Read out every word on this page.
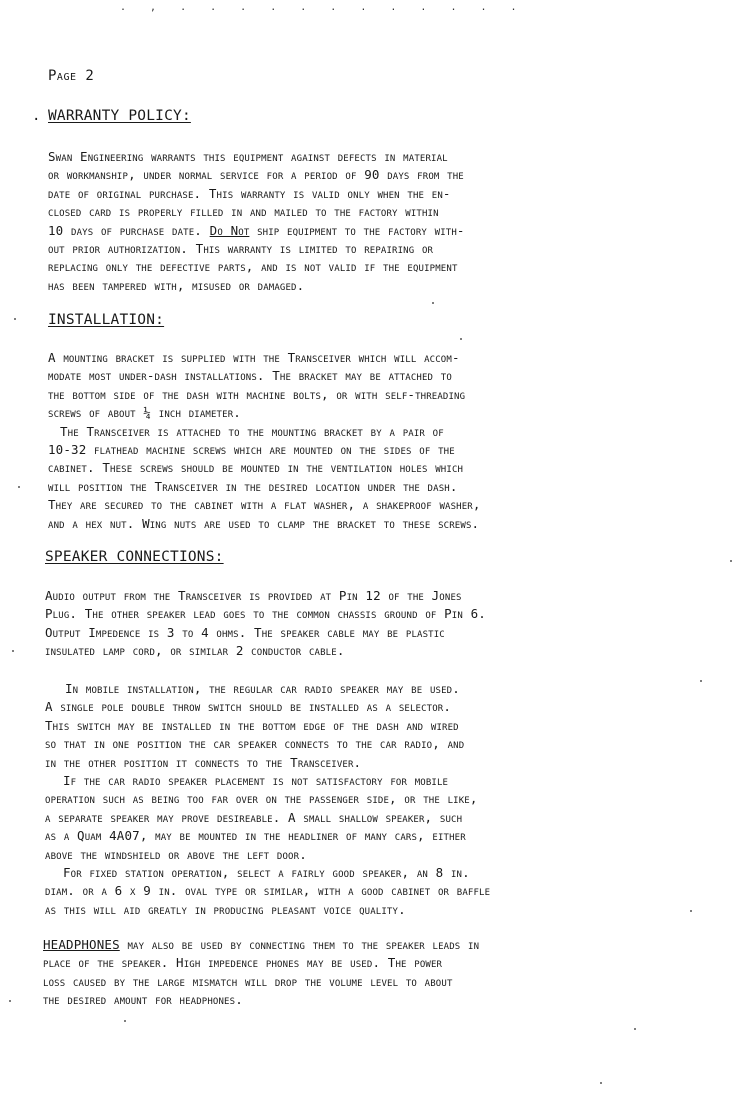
. , . . . . . . . . . . . .
Page 2
. WARRANTY POLICY:
Swan Engineering warrants this equipment against defects in material
or workmanship, under normal service for a period of 90 days from the
date of original purchase. This warranty is valid only when the en-
closed card is properly filled in and mailed to the factory within
10 days of purchase date. Do Not ship equipment to the factory with-
out prior authorization. This warranty is limited to repairing or
replacing only the defective parts, and is not valid if the equipment
has been tampered with, misused or damaged.
INSTALLATION:
A mounting bracket is supplied with the Transceiver which will accom-
modate most under-dash installations. The bracket may be attached to
the bottom side of the dash with machine bolts, or with self-threading
screws of about ¼ inch diameter.
The Transceiver is attached to the mounting bracket by a pair of
10-32 flathead machine screws which are mounted on the sides of the
cabinet. These screws should be mounted in the ventilation holes which
will position the Transceiver in the desired location under the dash.
They are secured to the cabinet with a flat washer, a shakeproof washer,
and a hex nut. Wing nuts are used to clamp the bracket to these screws.
SPEAKER CONNECTIONS:
Audio output from the Transceiver is provided at Pin 12 of the Jones
Plug. The other speaker lead goes to the common chassis ground of Pin 6.
Output Impedence is 3 to 4 ohms. The speaker cable may be plastic
insulated lamp cord, or similar 2 conductor cable.
In mobile installation, the regular car radio speaker may be used.
A single pole double throw switch should be installed as a selector.
This switch may be installed in the bottom edge of the dash and wired
so that in one position the car speaker connects to the car radio, and
in the other position it connects to the Transceiver.
If the car radio speaker placement is not satisfactory for mobile
operation such as being too far over on the passenger side, or the like,
a separate speaker may prove desireable. A small shallow speaker, such
as a Quam 4A07, may be mounted in the headliner of many cars, either
above the windshield or above the left door.
For fixed station operation, select a fairly good speaker, an 8 in.
diam. or a 6 x 9 in. oval type or similar, with a good cabinet or baffle
as this will aid greatly in producing pleasant voice quality.
HEADPHONES may also be used by connecting them to the speaker leads in
place of the speaker. High impedence phones may be used. The power
loss caused by the large mismatch will drop the volume level to about
the desired amount for headphones.
